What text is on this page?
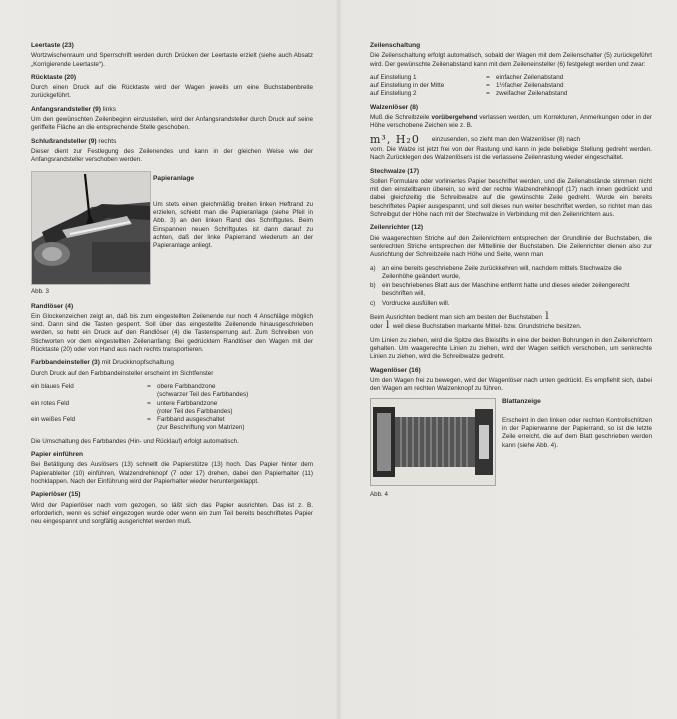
Leertaste (23)
Wortzwischenraum und Sperrschrift werden durch Drücken der Leertaste erzielt (siehe auch Absatz „Korrigierende Leertaste“).
Rücktaste (20)
Durch einen Druck auf die Rücktaste wird der Wagen jeweils um eine Buchstabenbreite zurückgeführt.
Anfangsrandsteller (9) links
Um den gewünschten Zeilenbeginn einzustellen, wird der Anfangsrandsteller durch Druck auf seine geriffelte Fläche an die entsprechende Stelle geschoben.
Schlußrandsteller (9) rechts
Dieser dient zur Festlegung des Zeilenendes und kann in der gleichen Weise wie der Anfangsrandsteller verschoben werden.
Papieranlage
Um stets einen gleichmäßig breiten linken Heftrand zu erzielen, schiebt man die Papieranlage (siehe Pfeil in Abb. 3) an den linken Rand des Schriftgutes. Beim Einspannen neuen Schriftgutes ist dann darauf zu achten, daß der linke Papierrand wiederum an der Papieranlage anliegt.
Abb. 3
Randlöser (4)
Ein Glockenzeichen zeigt an, daß bis zum eingestellten Zeilenende nur noch 4 Anschläge möglich sind. Dann sind die Tasten gesperrt. Soll über das eingestellte Zeilenende hinausgeschrieben werden, so hebt ein Druck auf den Randlöser (4) die Tastensperrung auf. Zum Schreiben von Stichworten vor dem eingestellten Zeilenanfang: Bei gedrücktem Randlöser den Wagen mit der Rücktaste (20) oder von Hand aus nach rechts transportieren.
Farbbandeinsteller (3) mit Druckknopfschaltung
Durch Druck auf den Farbbandeinsteller erscheint im Sichtfenster
ein blaues Feld	=	obere Farbbandzone
(schwarzer Teil des Farbbandes)

ein rotes Feld	=	untere Farbbandzone
(roter Teil des Farbbandes)

ein weißes Feld	=	Farbband ausgeschaltet
(zur Beschriftung von Matrizen)
Die Umschaltung des Farbbandes (Hin- und Rücklauf) erfolgt automatisch.
Papier einführen
Bei Betätigung des Auslösers (13) schnellt die Papierstütze (13) hoch. Das Papier hinter dem Papierableiter (10) einführen, Walzendrehknopf (7 oder 17) drehen, dabei den Papierhalter (11) hochklappen. Nach der Einführung wird der Papierhalter wieder heruntergeklappt.
Papierlöser (15)
Wird der Papierlöser nach vorn gezogen, so läßt sich das Papier ausrichten. Das ist z. B. erforderlich, wenn es schief eingezogen wurde oder wenn ein zum Teil bereits beschriftetes Papier neu eingespannt und sorgfältig ausgerichtet werden muß.
Zeilenschaltung
Die Zeilenschaltung erfolgt automatisch, sobald der Wagen mit dem Zeilenschalter (5) zurückgeführt wird. Der gewünschte Zeilenabstand kann mit dem Zeileneinsteller (6) festgelegt werden und zwar:
auf Einstellung 1	=	einfacher Zeilenabstand
auf Einstellung in der Mitte	=	1½facher Zeilenabstand
auf Einstellung 2	=	zweifacher Zeilenabstand
Walzenlöser (8)
Muß die Schreibzeile vorübergehend verlassen werden, um Korrekturen, Anmerkungen oder in der Höhe verschobene Zeichen wie z. B.
m³, H₂0 einzusenden, so zieht man den Walzenlöser (8) nach
vorn. Die Walze ist jetzt frei von der Rastung und kann in jede beliebige Stellung gedreht werden. Nach Zurücklegen des Walzenlösers ist die verlassene Zeilenrastung wieder eingeschaltet.
Stechwalze (17)
Sollen Formulare oder vorliniertes Papier beschriftet werden, und die Zeilenabstände stimmen nicht mit den einstellbaren überein, so wird der rechte Walzendrehknopf (17) nach innen gedrückt und dabei gleichzeitig die Schreibwalze auf die gewünschte Zeile gedreht. Wurde ein bereits beschriftetes Papier ausgespannt, und soll dieses nun weiter beschriftet werden, so richtet man das Schreibgut der Höhe nach mit der Stechwalze in Verbindung mit den Zeilenrichtern aus.
Zeilenrichter (12)
Die waagerechten Striche auf den Zeilenrichtern entsprechen der Grundlinie der Buchstaben, die senkrechten Striche entsprechen der Mittellinie der Buchstaben. Die Zeilenrichter dienen also zur Ausrichtung der Schreibzeile nach Höhe und Seite, wenn man
a)	an eine bereits geschriebene Zeile zurückkehren will, nachdem mittels Stechwalze die Zeilenhöhe geändert wurde,
b)	ein beschriebenes Blatt aus der Maschine entfernt hatte und dieses wieder zeilengerecht beschriften will,
c)	Vordrucke ausfüllen will.
Beim Ausrichten bedient man sich am besten der Buchstaben l
oder l weil diese Buchstaben markante Mittel- bzw. Grundstriche besitzen.
Um Linien zu ziehen, wird die Spitze des Bleistifts in eine der beiden Bohrungen in den Zeilenrichtern gehalten. Um waagerechte Linien zu ziehen, wird der Wagen seitlich verschoben, um senkrechte Linien zu ziehen, wird die Schreibwalze gedreht.
Wagenlöser (16)
Um den Wagen frei zu bewegen, wird der Wagenlöser nach unten gedrückt. Es empfiehlt sich, dabei den Wagen am rechten Walzenknopf zu führen.
Blattanzeige
Erscheint in den linken oder rechten Kontrollschlitzen in der Papierwanne der Papierrand, so ist die letzte Zeile erreicht, die auf dem Blatt geschrieben werden kann (siehe Abb. 4).
Abb. 4
